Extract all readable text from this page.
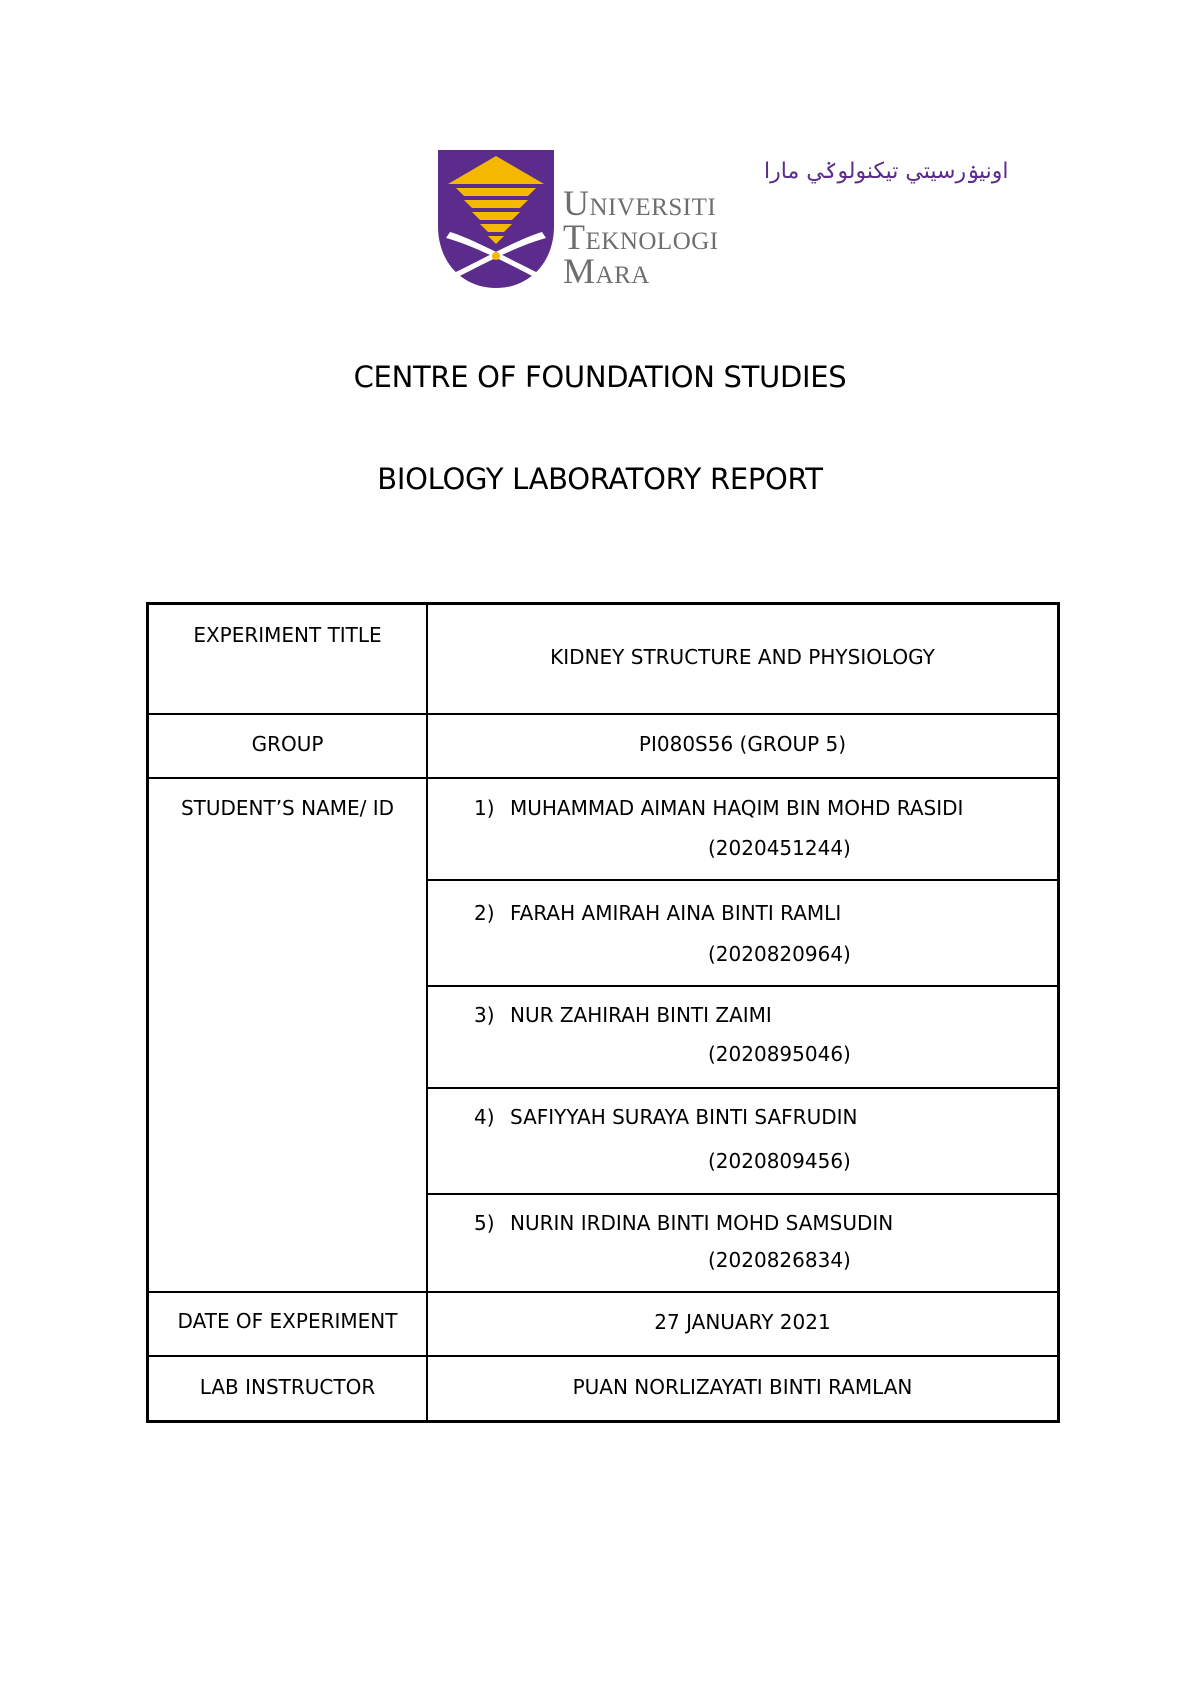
اونيۏرسيتي تيكنولوݢي مارا
Universiti
Teknologi
Mara
CENTRE OF FOUNDATION STUDIES
BIOLOGY LABORATORY REPORT
EXPERIMENT TITLE	KIDNEY STRUCTURE AND PHYSIOLOGY

GROUP	PI080S56 (GROUP 5)

STUDENT’S NAME/ ID	1) MUHAMMAD AIMAN HAQIM BIN MOHD RASIDI
(2020451244)

	2) FARAH AMIRAH AINA BINTI RAMLI
(2020820964)

	3) NUR ZAHIRAH BINTI ZAIMI
(2020895046)

	4) SAFIYYAH SURAYA BINTI SAFRUDIN
(2020809456)

	5) NURIN IRDINA BINTI MOHD SAMSUDIN
(2020826834)

DATE OF EXPERIMENT	27 JANUARY 2021

LAB INSTRUCTOR	PUAN NORLIZAYATI BINTI RAMLAN
